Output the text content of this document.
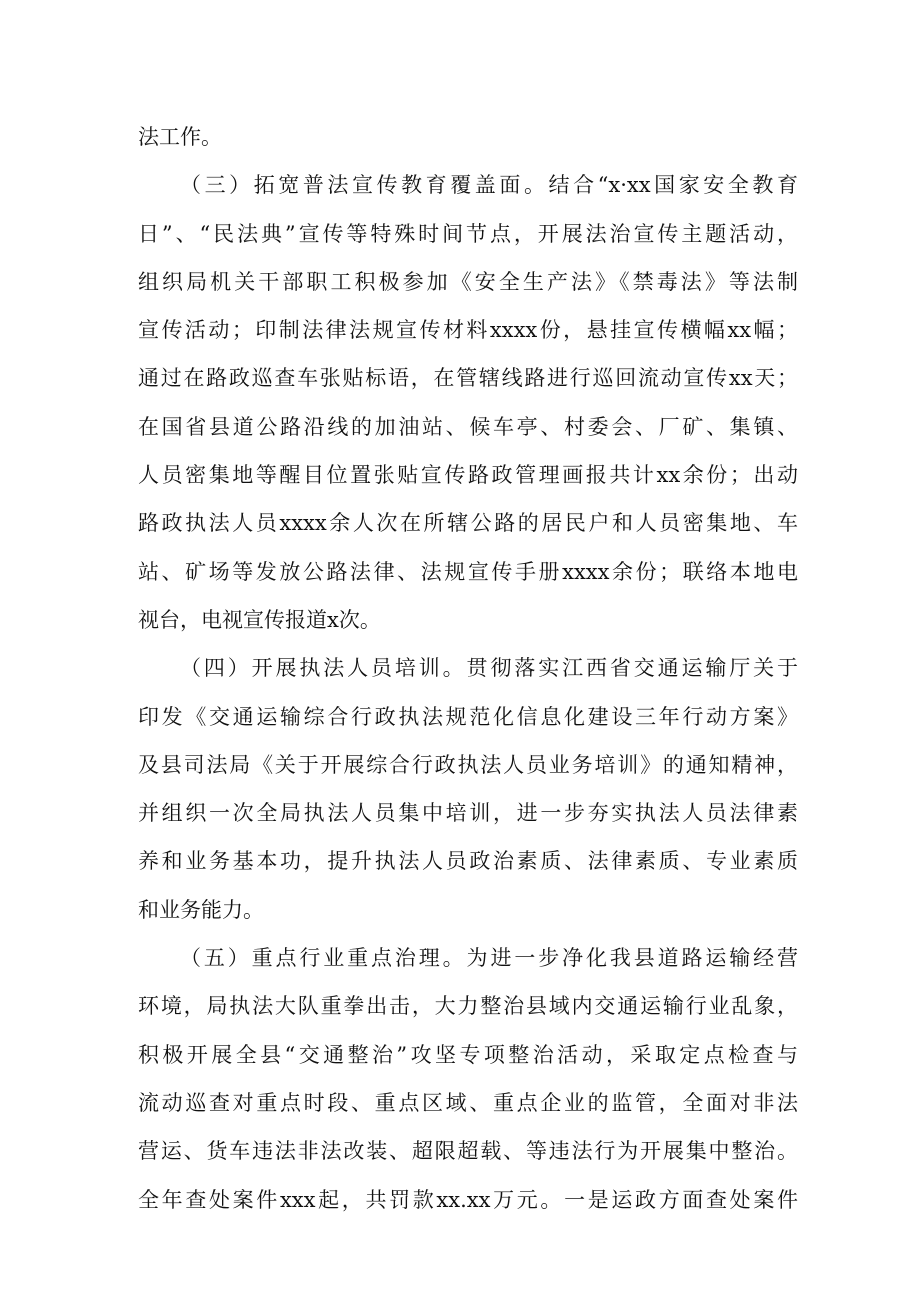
法工作。
（三）拓宽普法宣传教育覆盖面。结合“x·xx国家安全教育
日”、“民法典”宣传等特殊时间节点，开展法治宣传主题活动，
组织局机关干部职工积极参加《安全生产法》《禁毒法》等法制
宣传活动；印制法律法规宣传材料xxxx份，悬挂宣传横幅xx幅；
通过在路政巡查车张贴标语，在管辖线路进行巡回流动宣传xx天；
在国省县道公路沿线的加油站、候车亭、村委会、厂矿、集镇、
人员密集地等醒目位置张贴宣传路政管理画报共计xx余份；出动
路政执法人员xxxx余人次在所辖公路的居民户和人员密集地、车
站、矿场等发放公路法律、法规宣传手册xxxx余份；联络本地电
视台，电视宣传报道x次。
（四）开展执法人员培训。贯彻落实江西省交通运输厅关于
印发《交通运输综合行政执法规范化信息化建设三年行动方案》
及县司法局《关于开展综合行政执法人员业务培训》的通知精神，
并组织一次全局执法人员集中培训，进一步夯实执法人员法律素
养和业务基本功，提升执法人员政治素质、法律素质、专业素质
和业务能力。
（五）重点行业重点治理。为进一步净化我县道路运输经营
环境，局执法大队重拳出击，大力整治县域内交通运输行业乱象，
积极开展全县“交通整治”攻坚专项整治活动，采取定点检查与
流动巡查对重点时段、重点区域、重点企业的监管，全面对非法
营运、货车违法非法改装、超限超载、等违法行为开展集中整治。
全年查处案件xxx起，共罚款xx.xx万元。一是运政方面查处案件
